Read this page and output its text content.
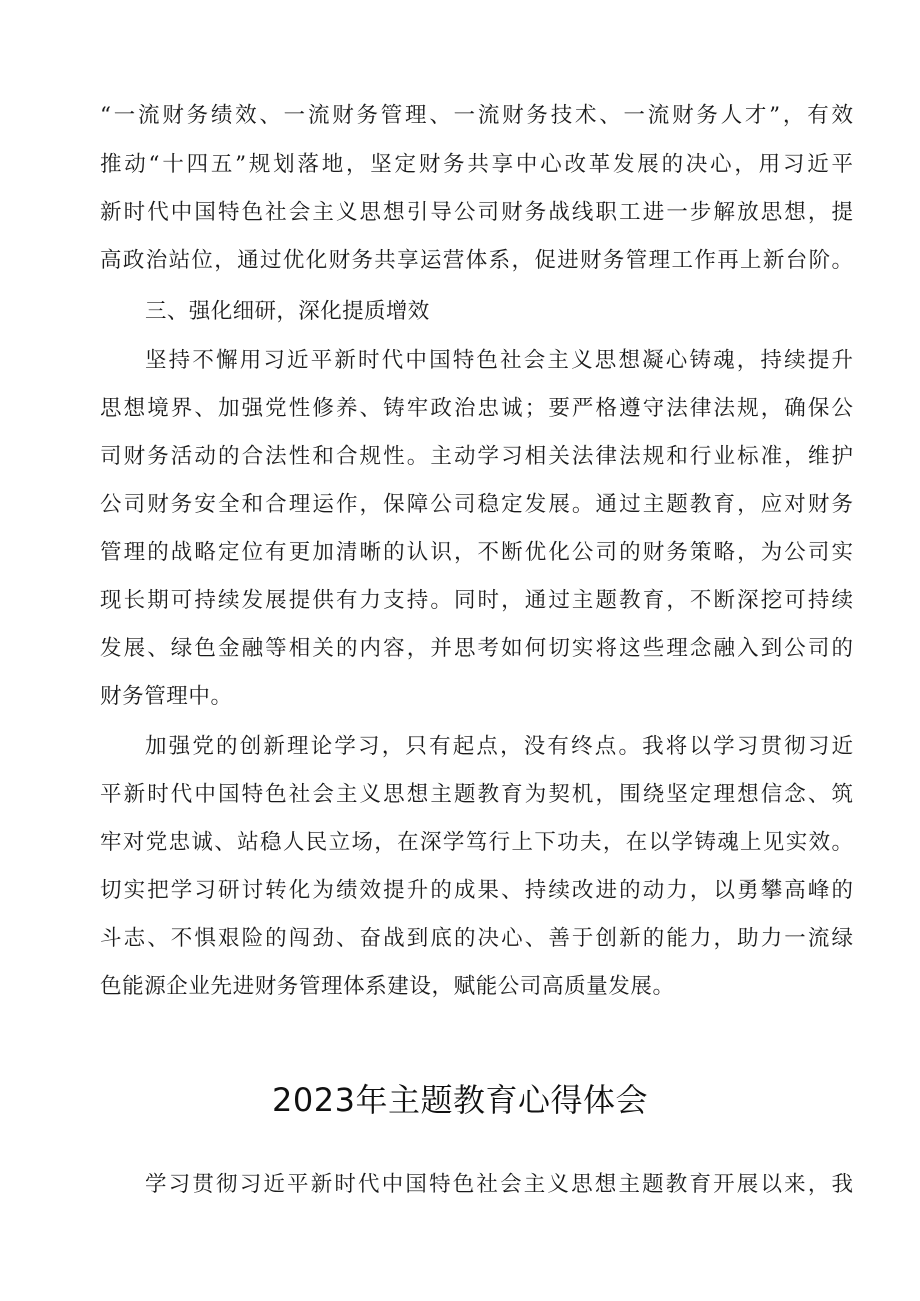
“一流财务绩效、一流财务管理、一流财务技术、一流财务人才”，有效
推动“十四五”规划落地，坚定财务共享中心改革发展的决心，用习近平
新时代中国特色社会主义思想引导公司财务战线职工进一步解放思想，提
高政治站位，通过优化财务共享运营体系，促进财务管理工作再上新台阶。
三、强化细研，深化提质增效
坚持不懈用习近平新时代中国特色社会主义思想凝心铸魂，持续提升
思想境界、加强党性修养、铸牢政治忠诚；要严格遵守法律法规，确保公
司财务活动的合法性和合规性。主动学习相关法律法规和行业标准，维护
公司财务安全和合理运作，保障公司稳定发展。通过主题教育，应对财务
管理的战略定位有更加清晰的认识，不断优化公司的财务策略，为公司实
现长期可持续发展提供有力支持。同时，通过主题教育，不断深挖可持续
发展、绿色金融等相关的内容，并思考如何切实将这些理念融入到公司的
财务管理中。
加强党的创新理论学习，只有起点，没有终点。我将以学习贯彻习近
平新时代中国特色社会主义思想主题教育为契机，围绕坚定理想信念、筑
牢对党忠诚、站稳人民立场，在深学笃行上下功夫，在以学铸魂上见实效。
切实把学习研讨转化为绩效提升的成果、持续改进的动力，以勇攀高峰的
斗志、不惧艰险的闯劲、奋战到底的决心、善于创新的能力，助力一流绿
色能源企业先进财务管理体系建设，赋能公司高质量发展。
2023年主题教育心得体会
学习贯彻习近平新时代中国特色社会主义思想主题教育开展以来，我
